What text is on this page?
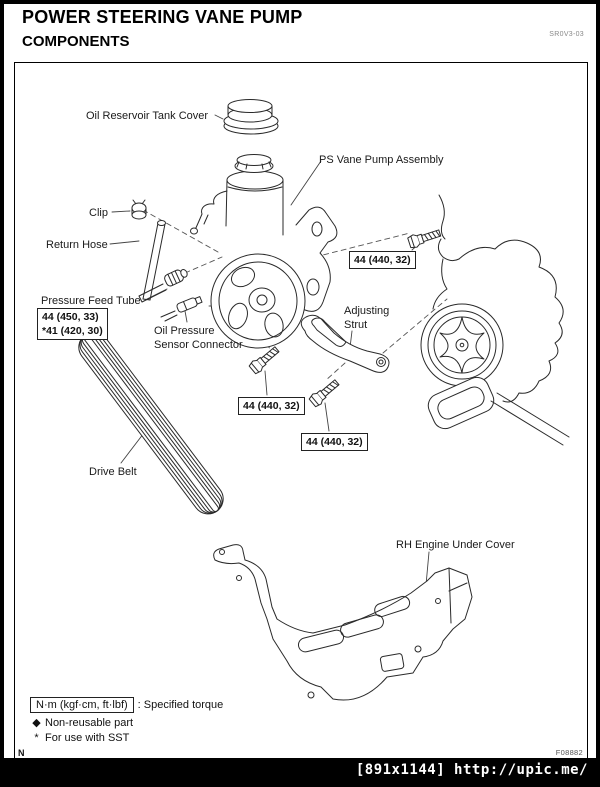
POWER STEERING VANE PUMP
COMPONENTS	SR0V3-03
Oil Reservoir Tank Cover
PS Vane Pump Assembly
Clip
Return Hose
Pressure Feed Tube
Oil Pressure Sensor Connector
Adjusting Strut
Drive Belt
RH Engine Under Cover
44 (450, 33)
*41 (420, 30)
44 (440, 32)
44 (440, 32)
44 (440, 32)
N·m (kgf·cm, ft·lbf) : Specified torque
◆ Non-reusable part
* For use with SST
N	F08882
[891x1144] http://upic.me/
